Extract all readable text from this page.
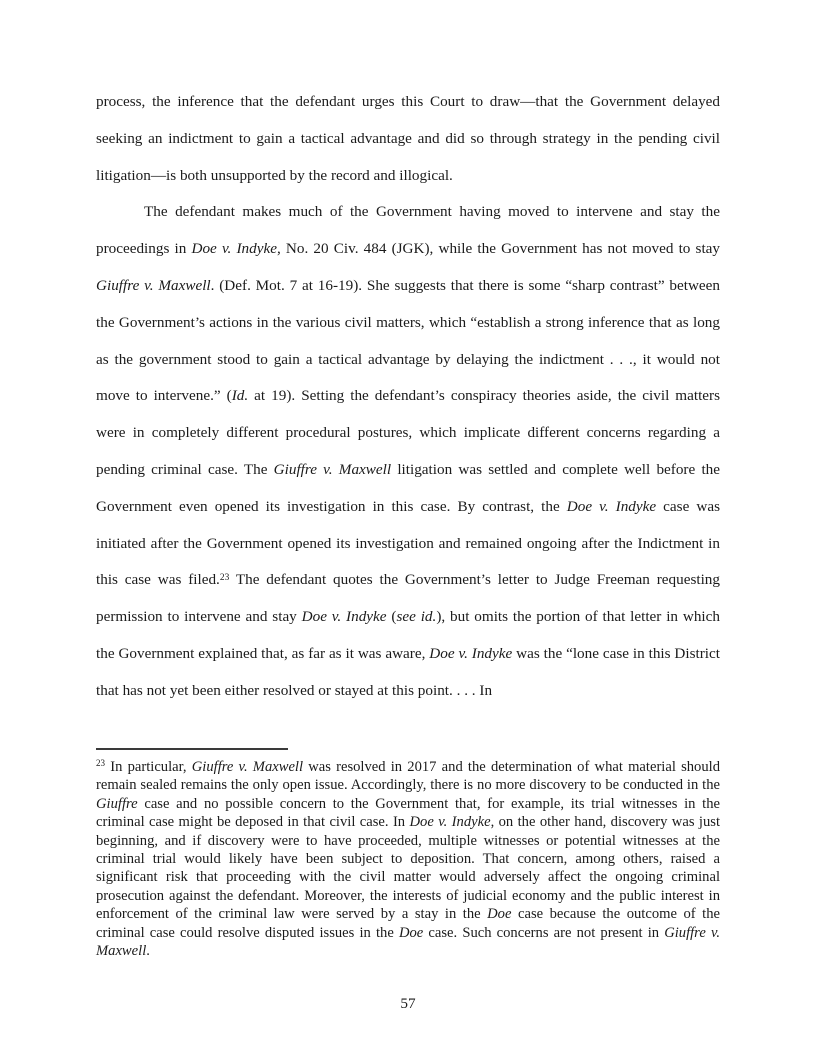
process, the inference that the defendant urges this Court to draw—that the Government delayed seeking an indictment to gain a tactical advantage and did so through strategy in the pending civil litigation—is both unsupported by the record and illogical.

The defendant makes much of the Government having moved to intervene and stay the proceedings in Doe v. Indyke, No. 20 Civ. 484 (JGK), while the Government has not moved to stay Giuffre v. Maxwell. (Def. Mot. 7 at 16-19). She suggests that there is some “sharp contrast” between the Government’s actions in the various civil matters, which “establish a strong inference that as long as the government stood to gain a tactical advantage by delaying the indictment . . ., it would not move to intervene.” (Id. at 19). Setting the defendant’s conspiracy theories aside, the civil matters were in completely different procedural postures, which implicate different concerns regarding a pending criminal case. The Giuffre v. Maxwell litigation was settled and complete well before the Government even opened its investigation in this case. By contrast, the Doe v. Indyke case was initiated after the Government opened its investigation and remained ongoing after the Indictment in this case was filed.$^{23}$ The defendant quotes the Government’s letter to Judge Freeman requesting permission to intervene and stay Doe v. Indyke (see id.), but omits the portion of that letter in which the Government explained that, as far as it was aware, Doe v. Indyke was the “lone case in this District that has not yet been either resolved or stayed at this point. . . . In

$^{23}$ In particular, Giuffre v. Maxwell was resolved in 2017 and the determination of what material should remain sealed remains the only open issue. Accordingly, there is no more discovery to be conducted in the Giuffre case and no possible concern to the Government that, for example, its trial witnesses in the criminal case might be deposed in that civil case. In Doe v. Indyke, on the other hand, discovery was just beginning, and if discovery were to have proceeded, multiple witnesses or potential witnesses at the criminal trial would likely have been subject to deposition. That concern, among others, raised a significant risk that proceeding with the civil matter would adversely affect the ongoing criminal prosecution against the defendant. Moreover, the interests of judicial economy and the public interest in enforcement of the criminal law were served by a stay in the Doe case because the outcome of the criminal case could resolve disputed issues in the Doe case. Such concerns are not present in Giuffre v. Maxwell.
57
